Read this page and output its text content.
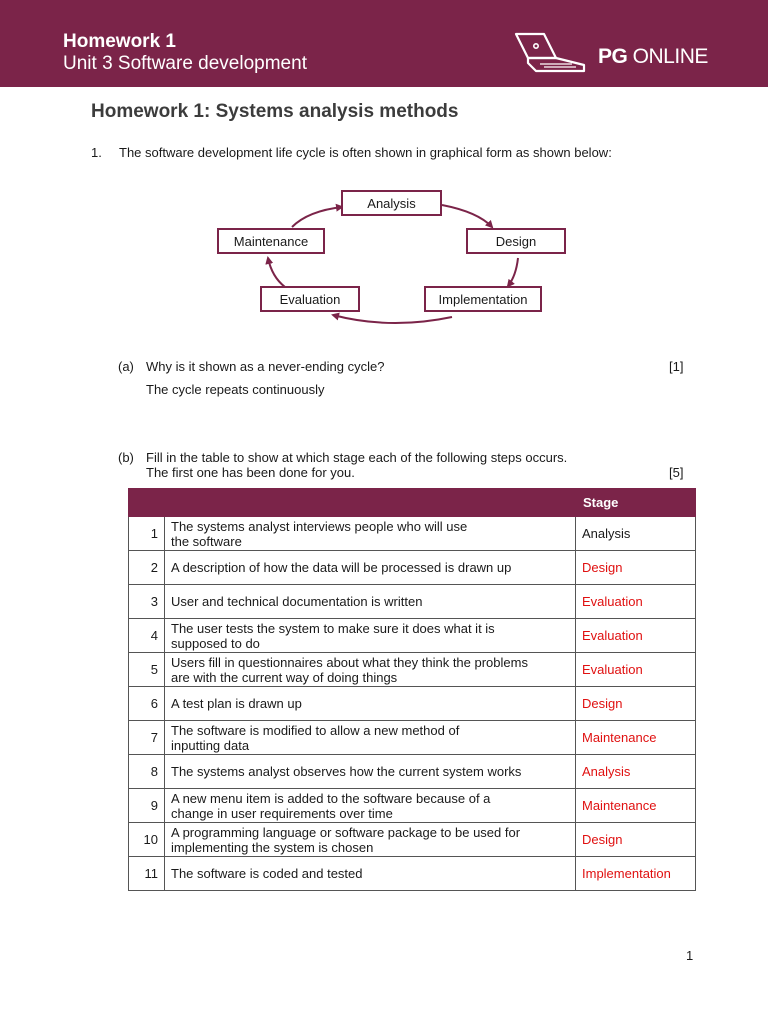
Homework 1
Unit 3 Software development	PG ONLINE
Homework 1: Systems analysis methods
1. The software development life cycle is often shown in graphical form as shown below:
Analysis
Design
Implementation
Evaluation
Maintenance
(a) Why is it shown as a never-ending cycle?	[1]
The cycle repeats continuously
(b) Fill in the table to show at which stage each of the following steps occurs.
The first one has been done for you.	[5]
		Stage
1	The systems analyst interviews people who will use
the software	Analysis
2	A description of how the data will be processed is drawn up	Design
3	User and technical documentation is written	Evaluation
4	The user tests the system to make sure it does what it is
supposed to do	Evaluation
5	Users fill in questionnaires about what they think the problems
are with the current way of doing things	Evaluation
6	A test plan is drawn up	Design
7	The software is modified to allow a new method of
inputting data	Maintenance
8	The systems analyst observes how the current system works	Analysis
9	A new menu item is added to the software because of a
change in user requirements over time	Maintenance
10	A programming language or software package to be used for
implementing the system is chosen	Design
11	The software is coded and tested	Implementation
1
